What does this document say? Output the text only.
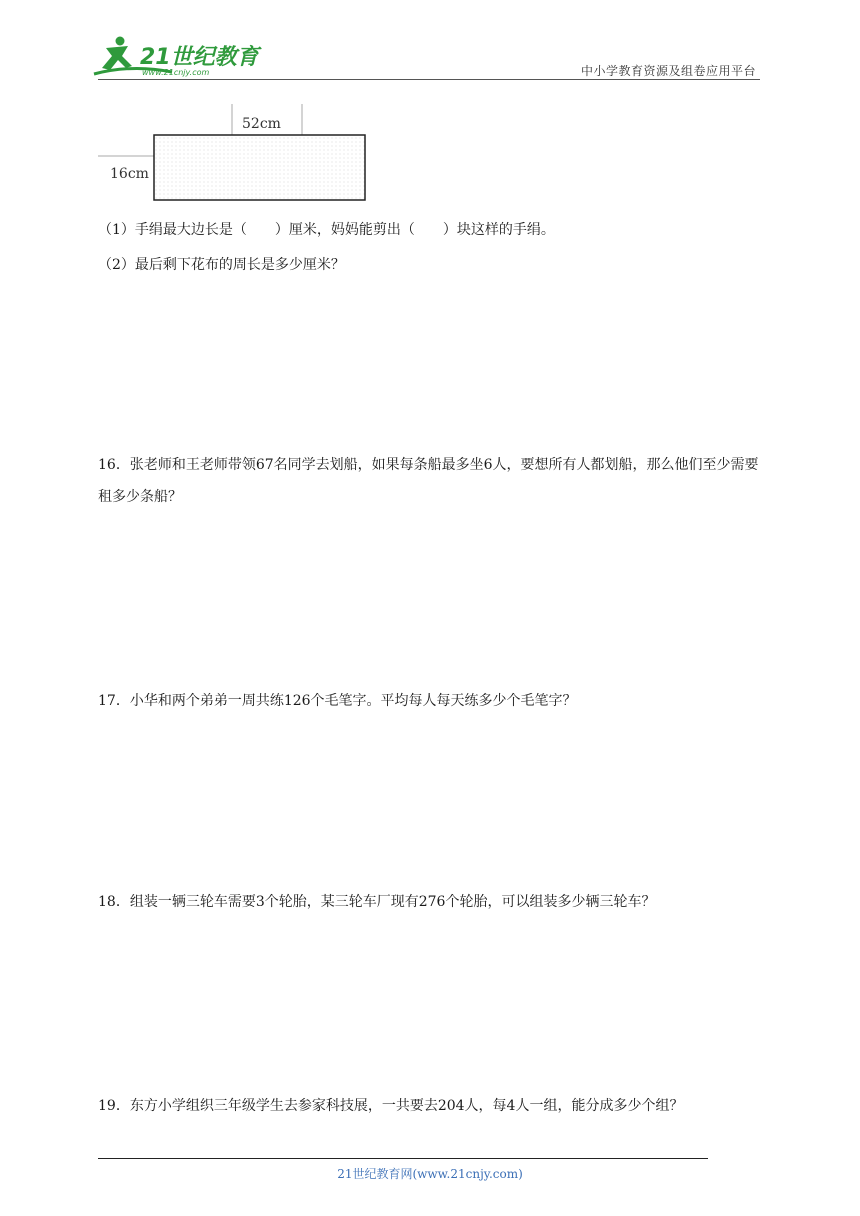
21世纪教育
www.21cnjy.com	中小学教育资源及组卷应用平台
52cm
16cm
（1）手绢最大边长是（　　）厘米，妈妈能剪出（　　）块这样的手绢。
（2）最后剩下花布的周长是多少厘米？
16．张老师和王老师带领67名同学去划船，如果每条船最多坐6人，要想所有人都划船，那么他们至少需要租多少条船？
17．小华和两个弟弟一周共练126个毛笔字。平均每人每天练多少个毛笔字？
18．组装一辆三轮车需要3个轮胎，某三轮车厂现有276个轮胎，可以组装多少辆三轮车？
19．东方小学组织三年级学生去参家科技展，一共要去204人，每4人一组，能分成多少个组？
21世纪教育网(www.21cnjy.com)
